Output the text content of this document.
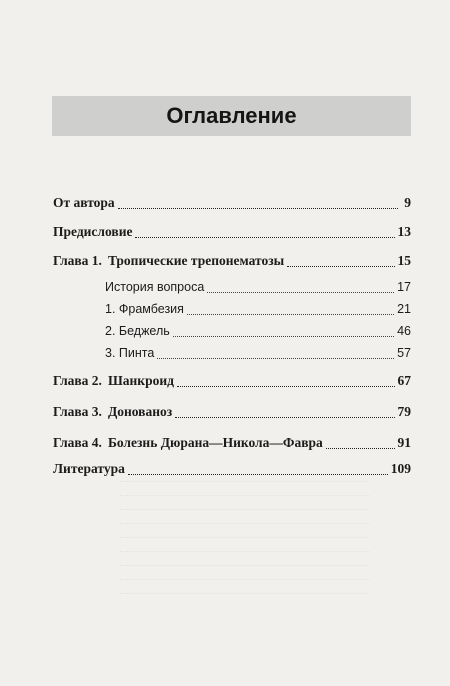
Оглавление
От автора	9
Предисловие	13
Глава 1. Тропические трепонематозы	15
История вопроса	17
1. Фрамбезия	21
2. Беджель	46
3. Пинта	57
Глава 2. Шанкроид	67
Глава 3. Донованоз	79
Глава 4. Болезнь Дюрана—Никола—Фавра	91
Литература	109
